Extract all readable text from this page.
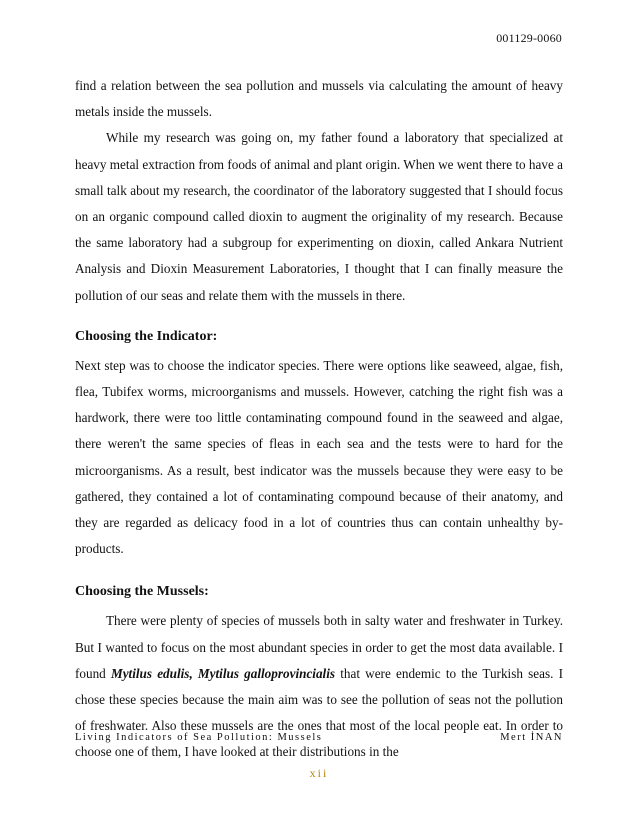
001129-0060

find a relation between the sea pollution and mussels via calculating the amount of heavy metals inside the mussels.

While my research was going on, my father found a laboratory that specialized at heavy metal extraction from foods of animal and plant origin. When we went there to have a small talk about my research, the coordinator of the laboratory suggested that I should focus on an organic compound called dioxin to augment the originality of my research. Because the same laboratory had a subgroup for experimenting on dioxin, called Ankara Nutrient Analysis and Dioxin Measurement Laboratories, I thought that I can finally measure the pollution of our seas and relate them with the mussels in there.

Choosing the Indicator:

Next step was to choose the indicator species. There were options like seaweed, algae, fish, flea, Tubifex worms, microorganisms and mussels. However, catching the right fish was a hardwork, there were too little contaminating compound found in the seaweed and algae, there weren't the same species of fleas in each sea and the tests were to hard for the microorganisms. As a result, best indicator was the mussels because they were easy to be gathered, they contained a lot of contaminating compound because of their anatomy, and they are regarded as delicacy food in a lot of countries thus can contain unhealthy by-products.

Choosing the Mussels:

There were plenty of species of mussels both in salty water and freshwater in Turkey. But I wanted to focus on the most abundant species in order to get the most data available. I found Mytilus edulis, Mytilus galloprovincialis that were endemic to the Turkish seas. I chose these species because the main aim was to see the pollution of seas not the pollution of freshwater. Also these mussels are the ones that most of the local people eat. In order to choose one of them, I have looked at their distributions in the

Living Indicators of Sea Pollution: Mussels	Mert İNAN
xii
